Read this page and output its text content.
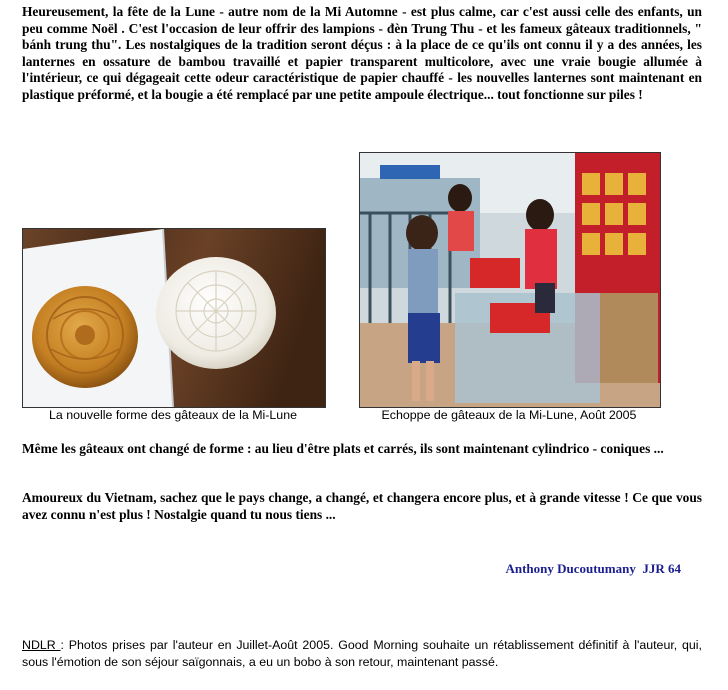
Heureusement, la fête de la Lune - autre nom de la Mi Automne - est plus calme, car c'est aussi celle des enfants, un peu comme Noël . C'est l'occasion de leur offrir des lampions - đèn Trung Thu - et les fameux gâteaux traditionnels, " bánh trung thu". Les nostalgiques de la tradition seront déçus : à la place de ce qu'ils ont connu il y a des années, les lanternes en ossature de bambou travaillé et papier transparent multicolore, avec une vraie bougie allumée à l'intérieur, ce qui dégageait cette odeur caractéristique de papier chauffé - les nouvelles lanternes sont maintenant en plastique préformé, et la bougie a été remplacé par une petite ampoule électrique... tout fonctionne sur piles !

La nouvelle forme des gâteaux de la Mi-Lune	Echoppe de gâteaux de la Mi-Lune, Août 2005

Même les gâteaux ont changé de forme : au lieu d'être plats et carrés, ils sont maintenant cylindrico - coniques ...

Amoureux du Vietnam, sachez que le pays change, a changé, et changera encore plus, et à grande vitesse ! Ce que vous avez connu n'est plus ! Nostalgie quand tu nous tiens ...

Anthony Ducoutumany  JJR 64

NDLR : Photos prises par l'auteur en Juillet-Août 2005. Good Morning souhaite un rétablissement définitif à l'auteur, qui, sous l'émotion de son séjour saïgonnais, a eu un bobo à son retour, maintenant passé.
